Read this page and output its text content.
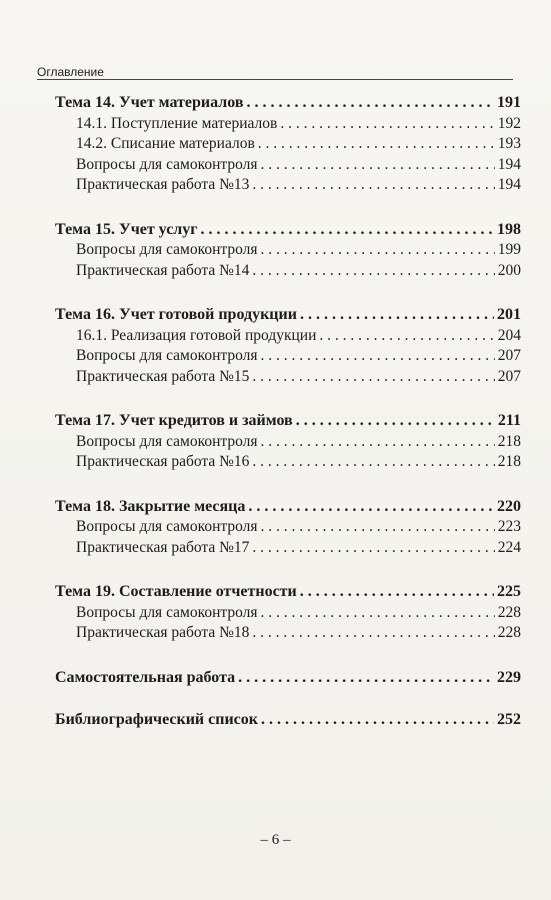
Оглавление
Тема 14. Учет материалов . . .	191
14.1. Поступление материалов . . .	192
14.2. Списание материалов . . .	193
Вопросы для самоконтроля . . .	194
Практическая работа №13 . . .	194
Тема 15. Учет услуг . . .	198
Вопросы для самоконтроля . . .	199
Практическая работа №14 . . .	200
Тема 16. Учет готовой продукции . . .	201
16.1. Реализация готовой продукции . . .	204
Вопросы для самоконтроля . . .	207
Практическая работа №15 . . .	207
Тема 17. Учет кредитов и займов . . .	211
Вопросы для самоконтроля . . .	218
Практическая работа №16 . . .	218
Тема 18. Закрытие месяца . . .	220
Вопросы для самоконтроля . . .	223
Практическая работа №17 . . .	224
Тема 19. Составление отчетности . . .	225
Вопросы для самоконтроля . . .	228
Практическая работа №18 . . .	228
Самостоятельная работа . . .	229
Библиографический список . . .	252
– 6 –
